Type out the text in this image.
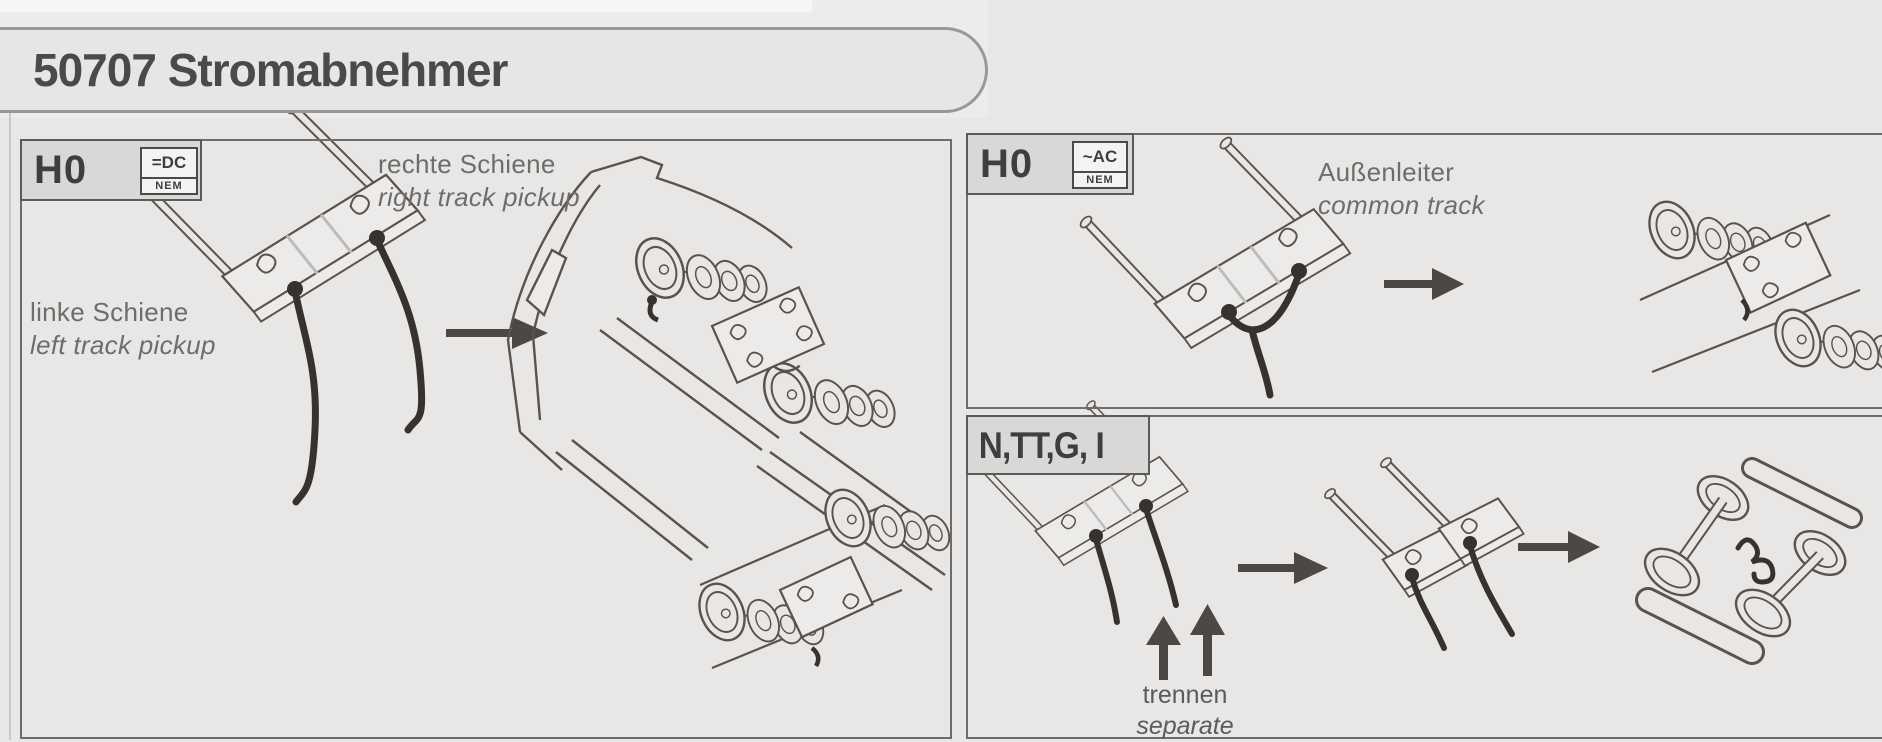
50707 Stromabnehmer
H0	=DC
NEM	H0	~AC
NEM
N,TT,G, I
rechte Schiene
right track pickup
linke Schiene
left track pickup
Außenleiter
common track
trennen
separate
